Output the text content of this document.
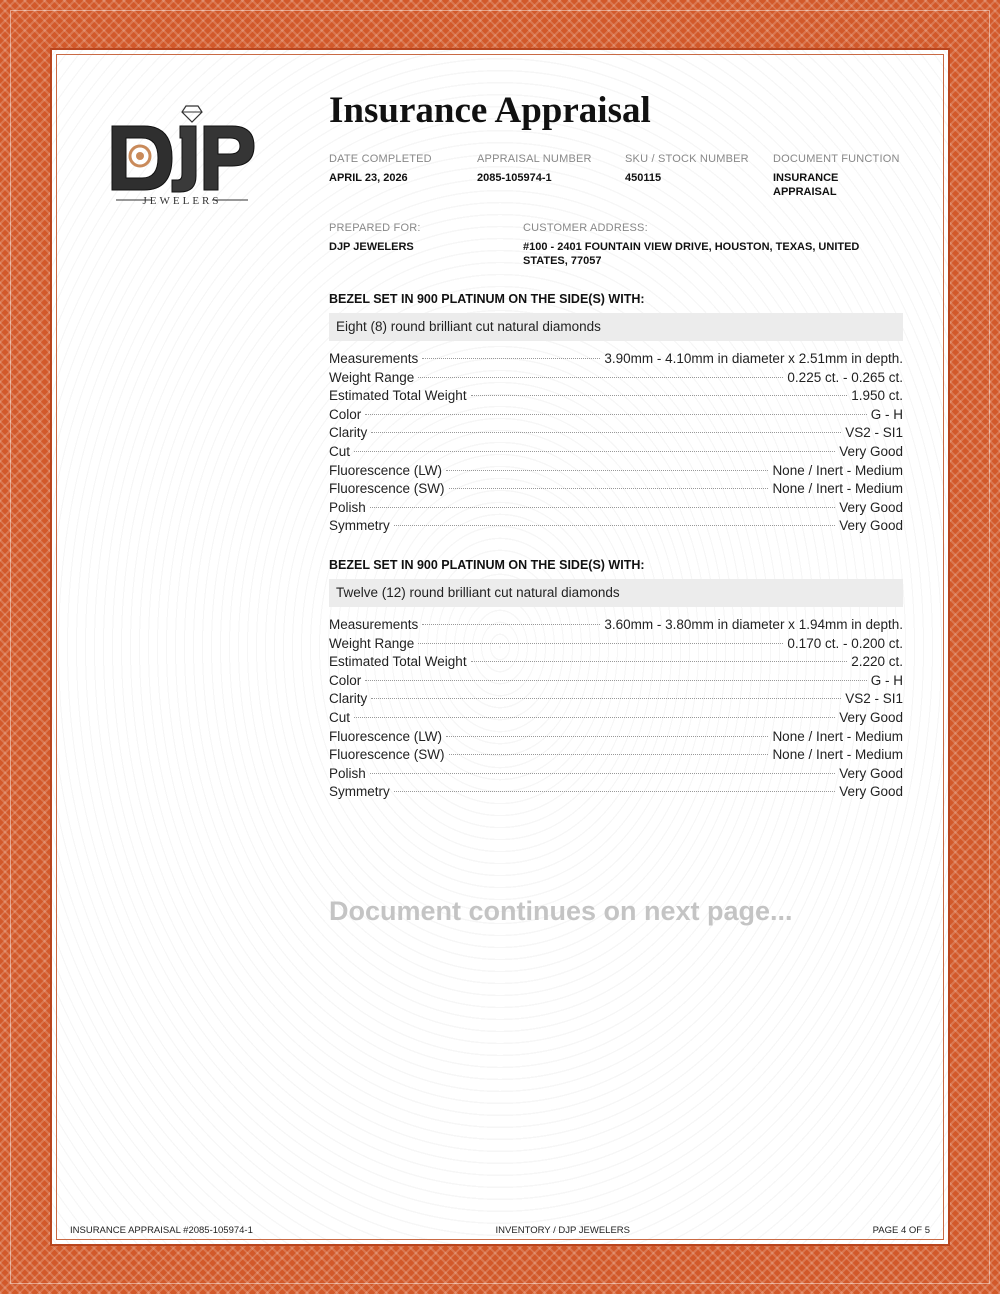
JEWELERS
Insurance Appraisal
DATE COMPLETED
APRIL 23, 2026
APPRAISAL NUMBER
2085-105974-1
SKU / STOCK NUMBER
450115
DOCUMENT FUNCTION
INSURANCE APPRAISAL
PREPARED FOR:
DJP JEWELERS
CUSTOMER ADDRESS:
#100 - 2401 FOUNTAIN VIEW DRIVE, HOUSTON, TEXAS, UNITED STATES, 77057
BEZEL SET IN 900 PLATINUM ON THE SIDE(S) WITH:
Eight (8) round brilliant cut natural diamonds
Measurements	3.90mm - 4.10mm in diameter x 2.51mm in depth.
Weight Range	0.225 ct. - 0.265 ct.
Estimated Total Weight	1.950 ct.
Color	G - H
Clarity	VS2 - SI1
Cut	Very Good
Fluorescence (LW)	None / Inert - Medium
Fluorescence (SW)	None / Inert - Medium
Polish	Very Good
Symmetry	Very Good
BEZEL SET IN 900 PLATINUM ON THE SIDE(S) WITH:
Twelve (12) round brilliant cut natural diamonds
Measurements	3.60mm - 3.80mm in diameter x 1.94mm in depth.
Weight Range	0.170 ct. - 0.200 ct.
Estimated Total Weight	2.220 ct.
Color	G - H
Clarity	VS2 - SI1
Cut	Very Good
Fluorescence (LW)	None / Inert - Medium
Fluorescence (SW)	None / Inert - Medium
Polish	Very Good
Symmetry	Very Good
Document continues on next page...
INSURANCE APPRAISAL #2085-105974-1	INVENTORY / DJP JEWELERS	PAGE 4 OF 5
